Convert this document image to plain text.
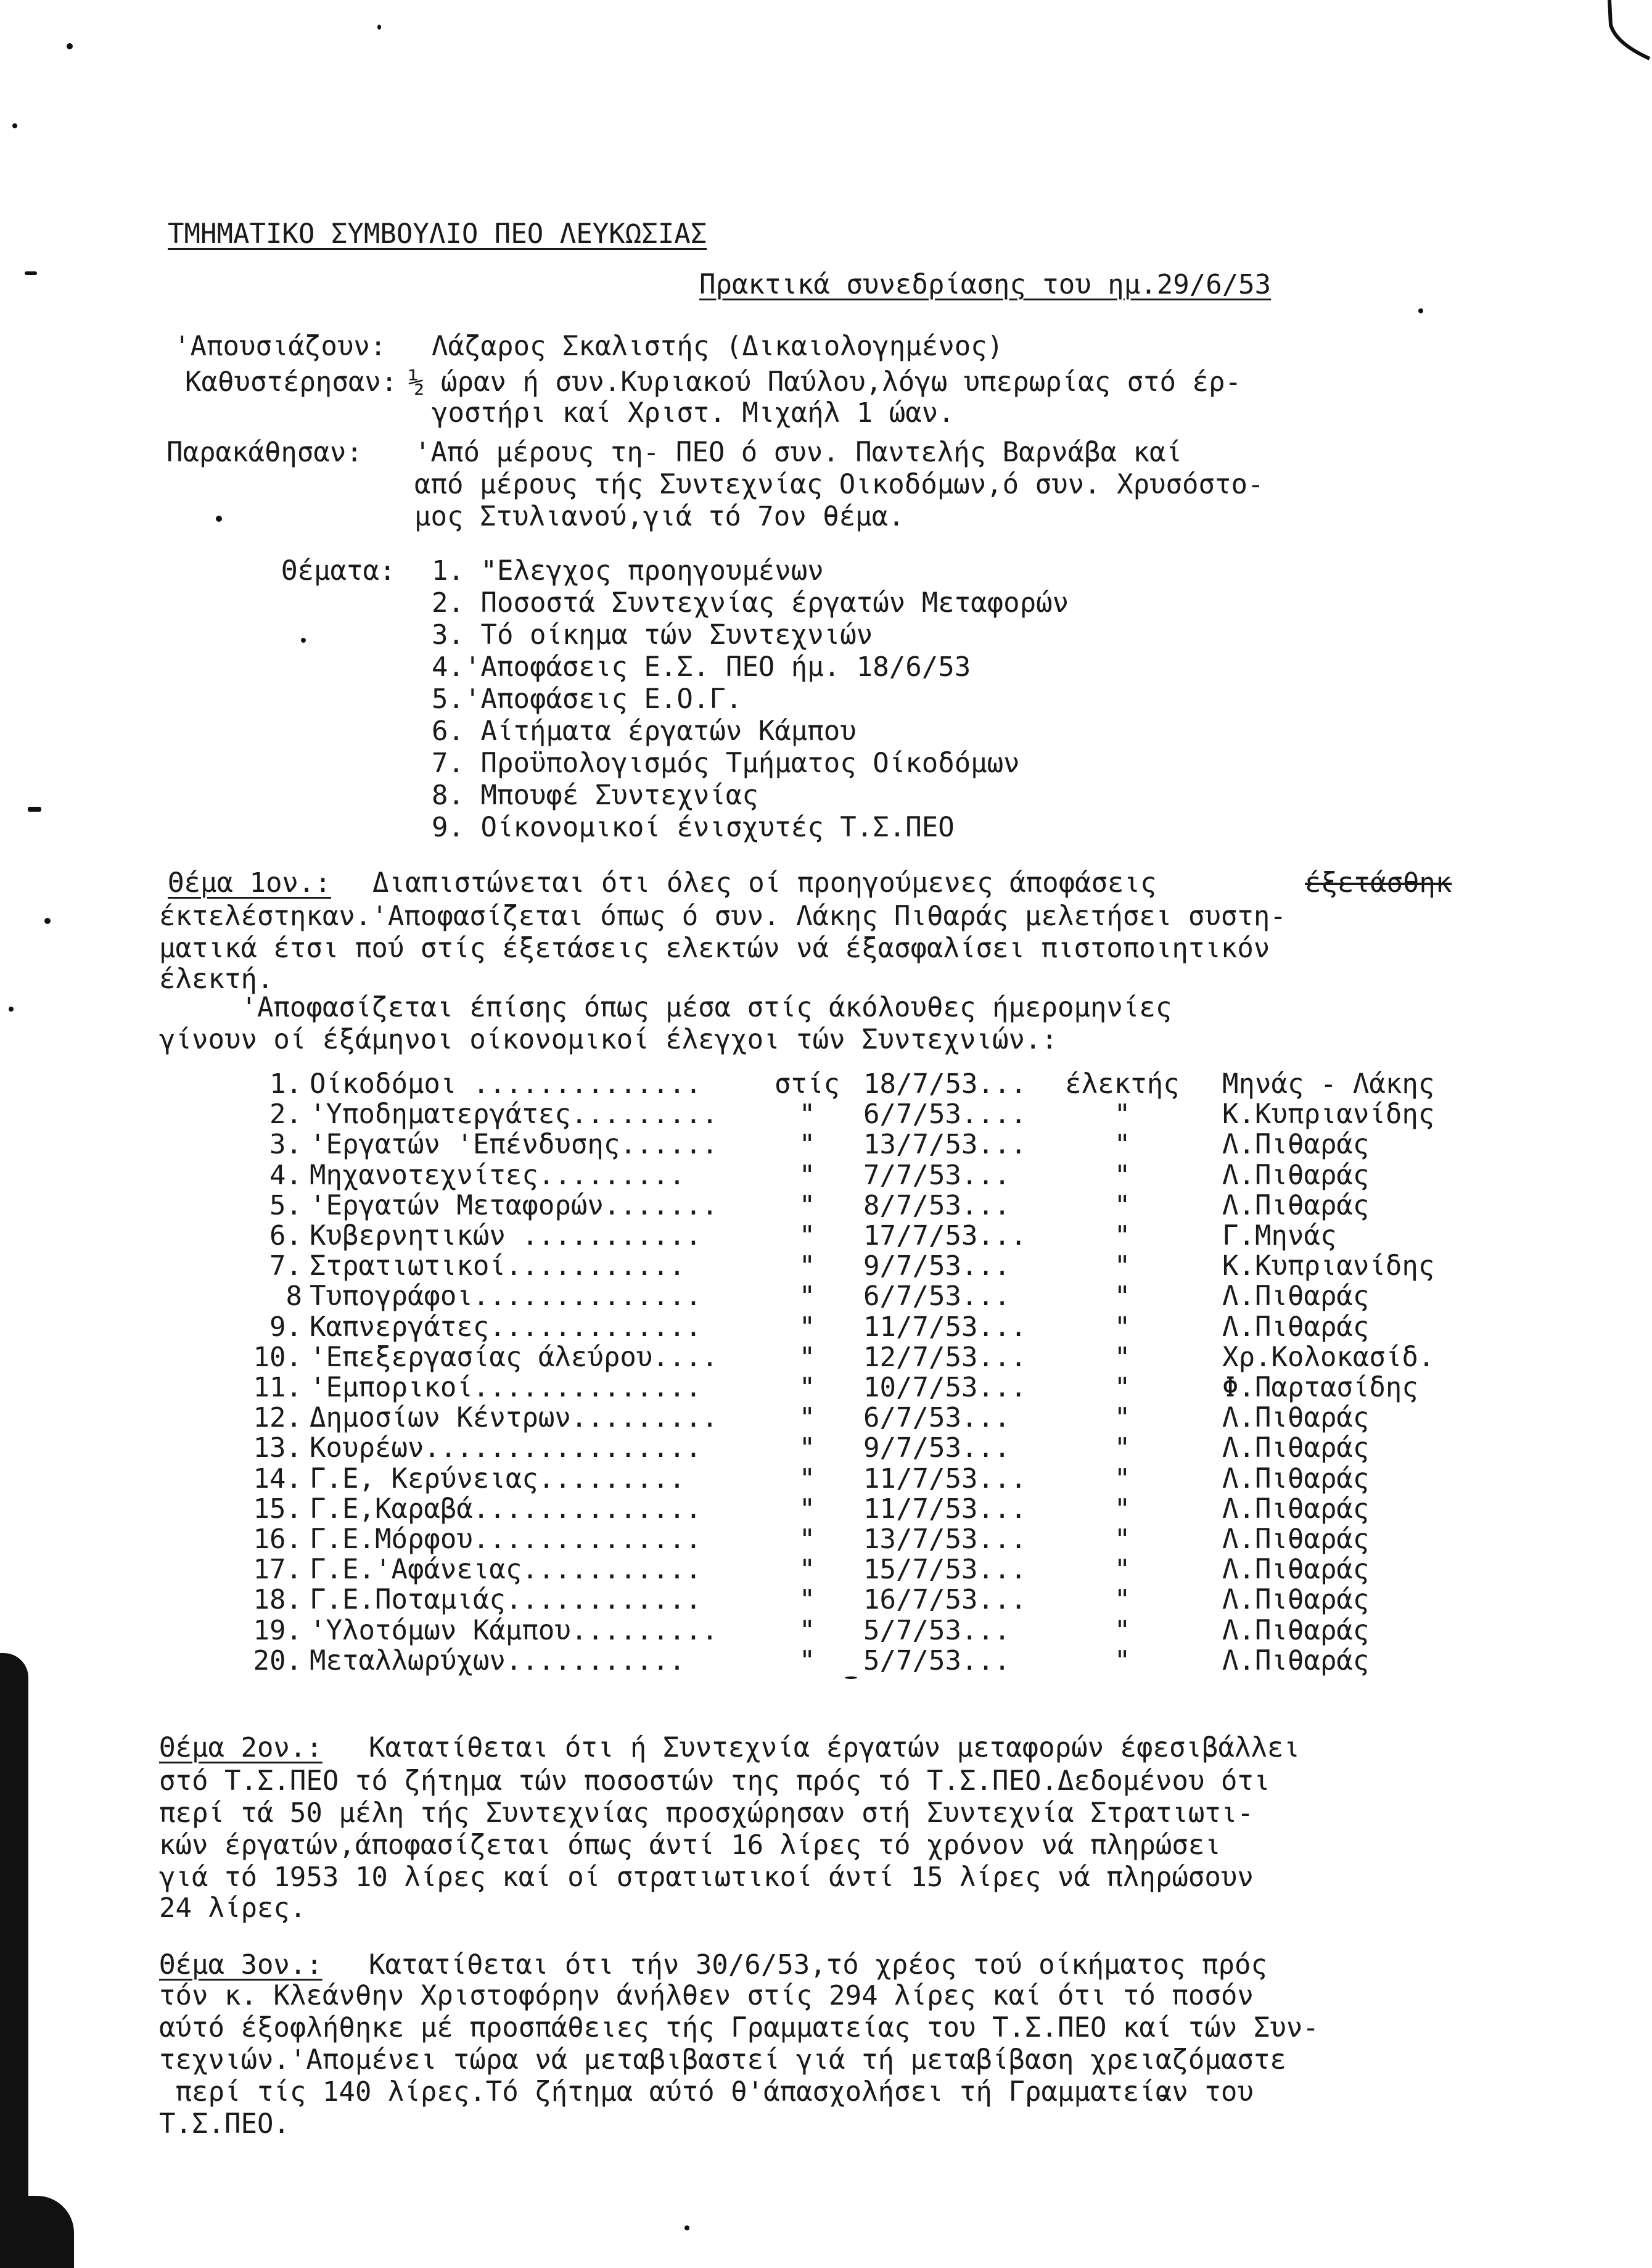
ΤΜΗΜΑΤΙΚΟ ΣΥΜΒΟΥΛΙΟ ΠΕΟ ΛΕΥΚΩΣΙΑΣ
Πρακτικά συνεδρίασης του ημ.29/6/53
'Απουσιάζουν: Λάζαρος Σκαλιστής (Δικαιολογημένος)
Καθυστέρησαν: ½ ώραν ή συν.Κυριακού Παύλου,λόγω υπερωρίας στό έρ-
γοστήρι καί Χριστ. Μιχαήλ 1 ώαν.
Παρακάθησαν: 'Από μέρους τη- ΠΕΟ ό συν. Παντελής Βαρνάβα καί
από μέρους τής Συντεχνίας Οικοδόμων,ό συν. Χρυσόστο-
μος Στυλιανού,γιά τό 7ον θέμα.
Θέματα: 1. "Ελεγχος προηγουμένων
2. Ποσοστά Συντεχνίας έργατών Μεταφορών
3. Τό οίκημα τών Συντεχνιών
4.'Αποφάσεις Ε.Σ. ΠΕΟ ήμ. 18/6/53
5.'Αποφάσεις Ε.Ο.Γ.
6. Αίτήματα έργατών Κάμπου
7. Προϋπολογισμός Τμήματος Οίκοδόμων
8. Μπουφέ Συντεχνίας
9. Οίκονομικοί ένισχυτές Τ.Σ.ΠΕΟ
Θέμα 1ον.: Διαπιστώνεται ότι όλες οί προηγούμενες άποφάσεις	έξετάσθηκ
έκτελέστηκαν.'Αποφασίζεται όπως ό συν. Λάκης Πιθαράς μελετήσει συστη-
ματικά έτσι πού στίς έξετάσεις ελεκτών νά έξασφαλίσει πιστοποιητικόν
έλεκτή.
'Αποφασίζεται έπίσης όπως μέσα στίς άκόλουθες ήμερομηνίες
γίνουν οί έξάμηνοι οίκονομικοί έλεγχοι τών Συντεχνιών.:
1. Οίκοδόμοι ..............	στίς 18/7/53...	έλεκτής	Μηνάς - Λάκης
2. 'Υποδηματεργάτες.........	"	6/7/53....	"	Κ.Κυπριανίδης
3. 'Εργατών 'Επένδυσης......	"	13/7/53...	"	Λ.Πιθαράς
4. Μηχανοτεχνίτες.........	"	7/7/53...	"	Λ.Πιθαράς
5. 'Εργατών Μεταφορών.......	"	8/7/53...	"	Λ.Πιθαράς
6. Κυβερνητικών ...........	"	17/7/53...	"	Γ.Μηνάς
7. Στρατιωτικοί...........	"	9/7/53...	"	Κ.Κυπριανίδης
8 Τυπογράφοι..............	"	6/7/53...	"	Λ.Πιθαράς
9. Καπνεργάτες.............	"	11/7/53...	"	Λ.Πιθαράς
10. 'Επεξεργασίας άλεύρου....	"	12/7/53...	"	Χρ.Κολοκασίδ.
11. 'Εμπορικοί..............	"	10/7/53...	"	Φ.Παρτασίδης
12. Δημοσίων Κέντρων.........	"	6/7/53...	"	Λ.Πιθαράς
13. Κουρέων.................	"	9/7/53...	"	Λ.Πιθαράς
14. Γ.Ε, Κερύνειας.........	"	11/7/53...	"	Λ.Πιθαράς
15. Γ.Ε,Καραβά..............	"	11/7/53...	"	Λ.Πιθαράς
16. Γ.Ε.Μόρφου..............	"	13/7/53...	"	Λ.Πιθαράς
17. Γ.Ε.'Αφάνειας...........	"	15/7/53...	"	Λ.Πιθαράς
18. Γ.Ε.Ποταμιάς............	"	16/7/53...	"	Λ.Πιθαράς
19. 'Υλοτόμων Κάμπου.........	"	5/7/53...	"	Λ.Πιθαράς
20. Μεταλλωρύχων...........	"	5/7/53...	"	Λ.Πιθαράς
Θέμα 2ον.: Κατατίθεται ότι ή Συντεχνία έργατών μεταφορών έφεσιβάλλει
στό Τ.Σ.ΠΕΟ τό ζήτημα τών ποσοστών της πρός τό Τ.Σ.ΠΕΟ.Δεδομένου ότι
περί τά 50 μέλη τής Συντεχνίας προσχώρησαν στή Συντεχνία Στρατιωτι-
κών έργατών,άποφασίζεται όπως άντί 16 λίρες τό χρόνον νά πληρώσει
γιά τό 1953 10 λίρες καί οί στρατιωτικοί άντί 15 λίρες νά πληρώσουν
24 λίρες.
Θέμα 3ον.: Κατατίθεται ότι τήν 30/6/53,τό χρέος τού οίκήματος πρός
τόν κ. Κλεάνθην Χριστοφόρην άνήλθεν στίς 294 λίρες καί ότι τό ποσόν
αύτό έξοφλήθηκε μέ προσπάθειες τής Γραμματείας του Τ.Σ.ΠΕΟ καί τών Συν-
τεχνιών.'Απομένει τώρα νά μεταβιβαστεί γιά τή μεταβίβαση χρειαζόμαστε
περί τίς 140 λίρες.Τό ζήτημα αύτό θ'άπασχολήσει τή Γραμματείαν του
Τ.Σ.ΠΕΟ.
